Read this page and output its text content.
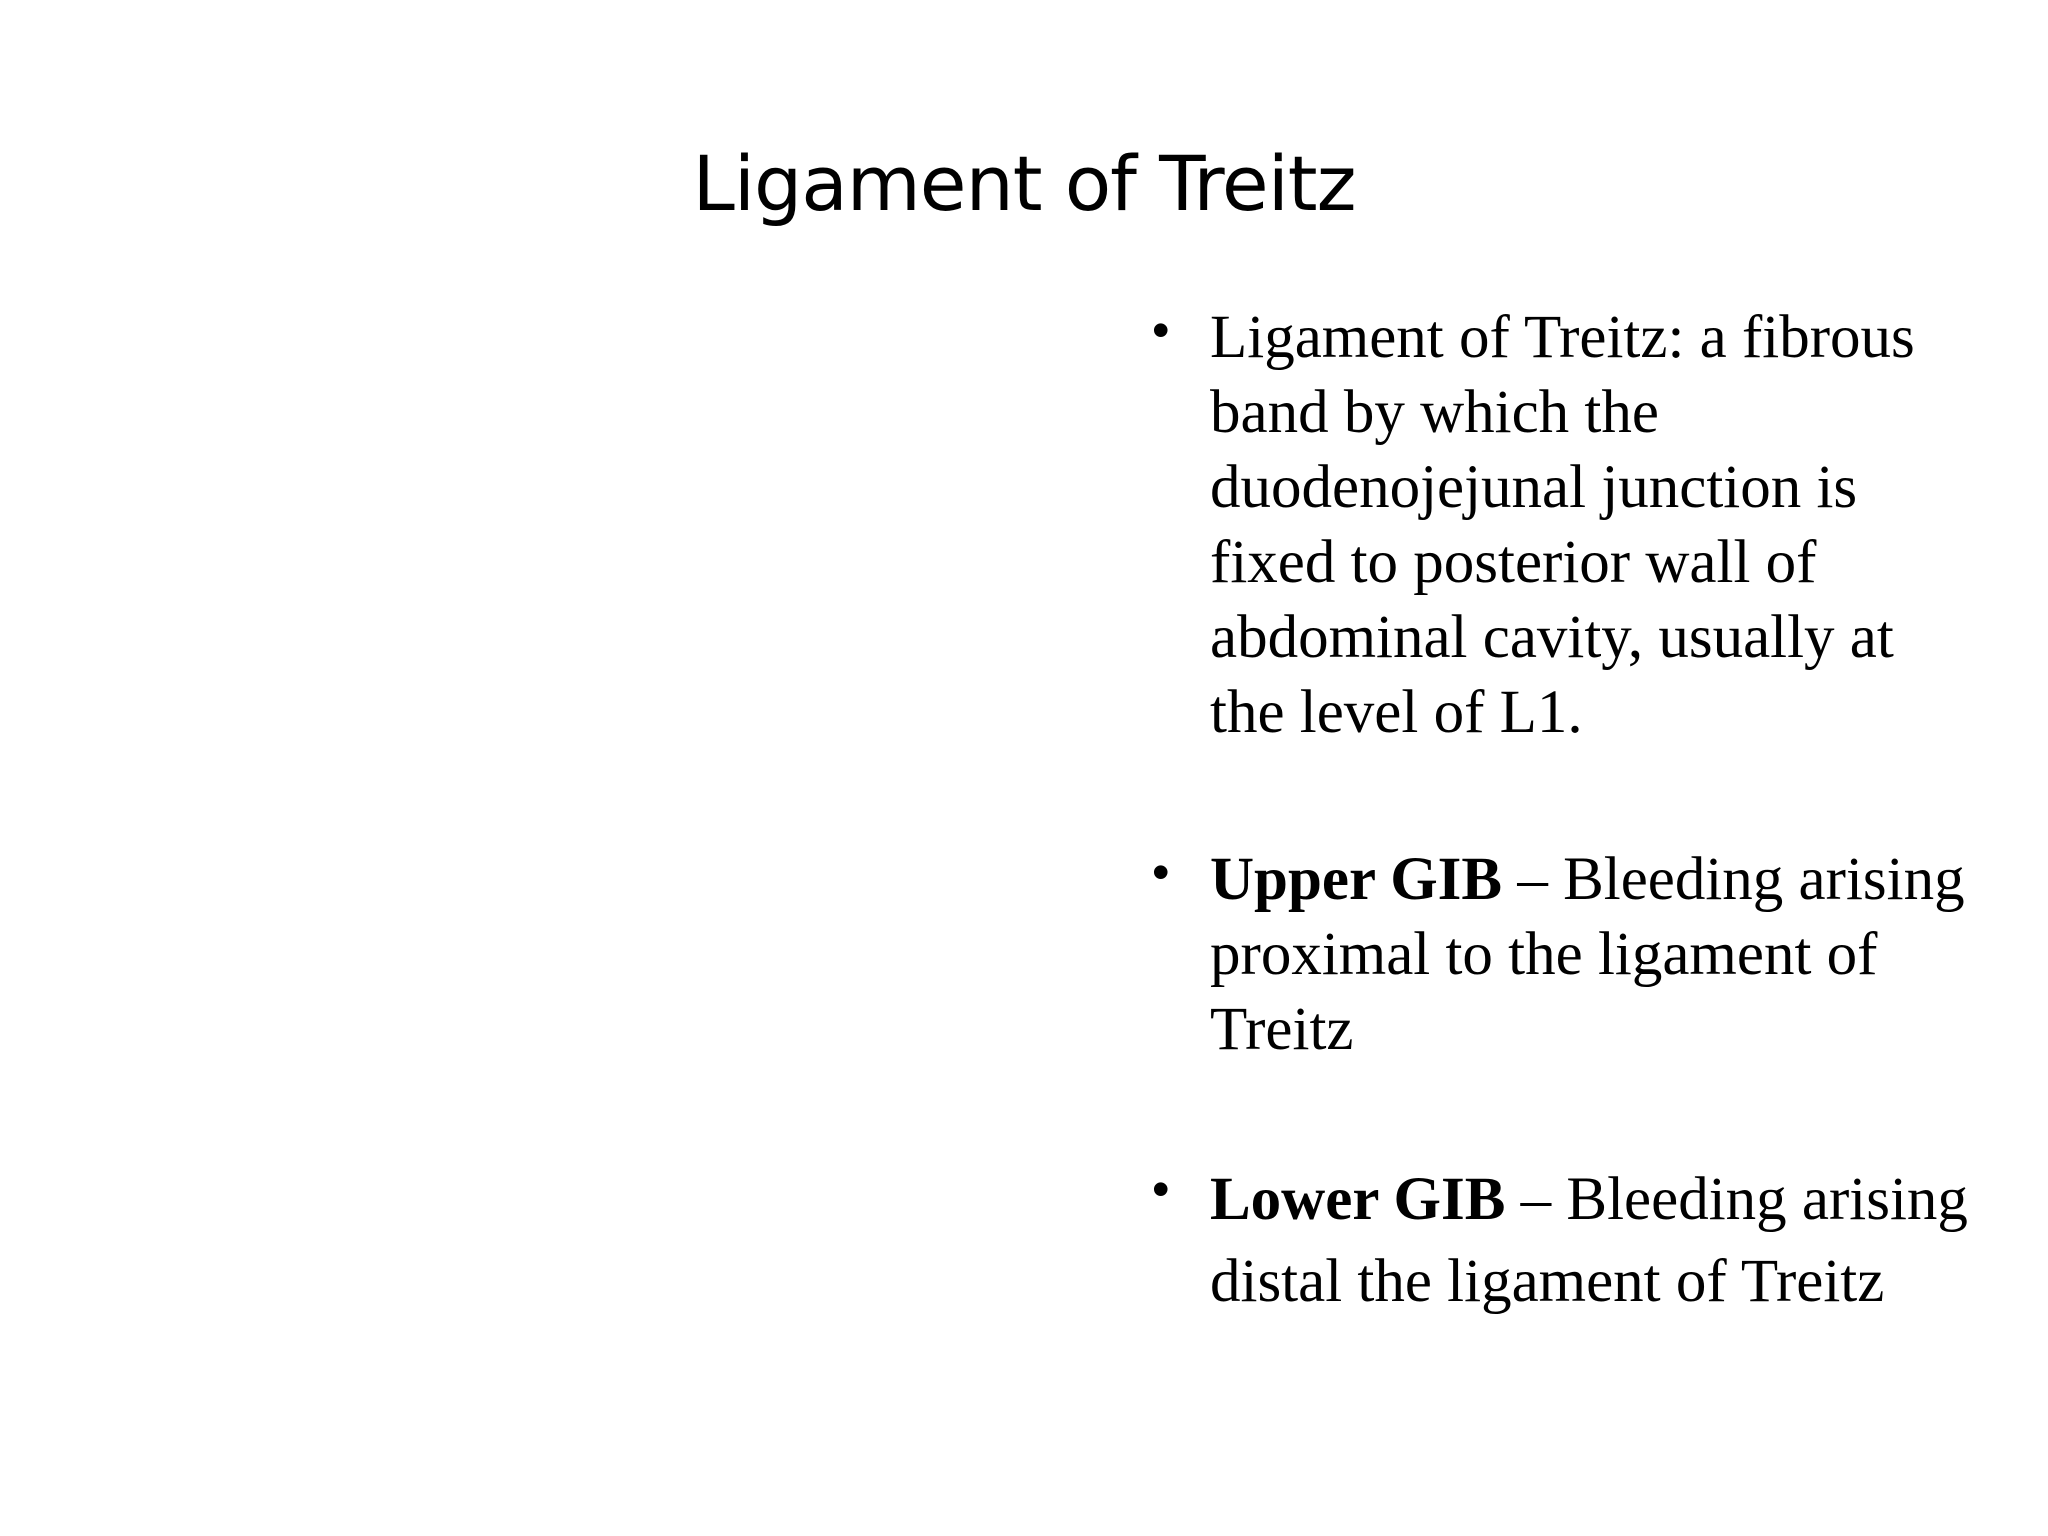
Ligament of Treitz
• Ligament of Treitz: a fibrous band by which the duodenojejunal junction is fixed to posterior wall of abdominal cavity, usually at the level of L1.
• Upper GIB – Bleeding arising proximal to the ligament of Treitz
• Lower GIB – Bleeding arising distal the ligament of Treitz
